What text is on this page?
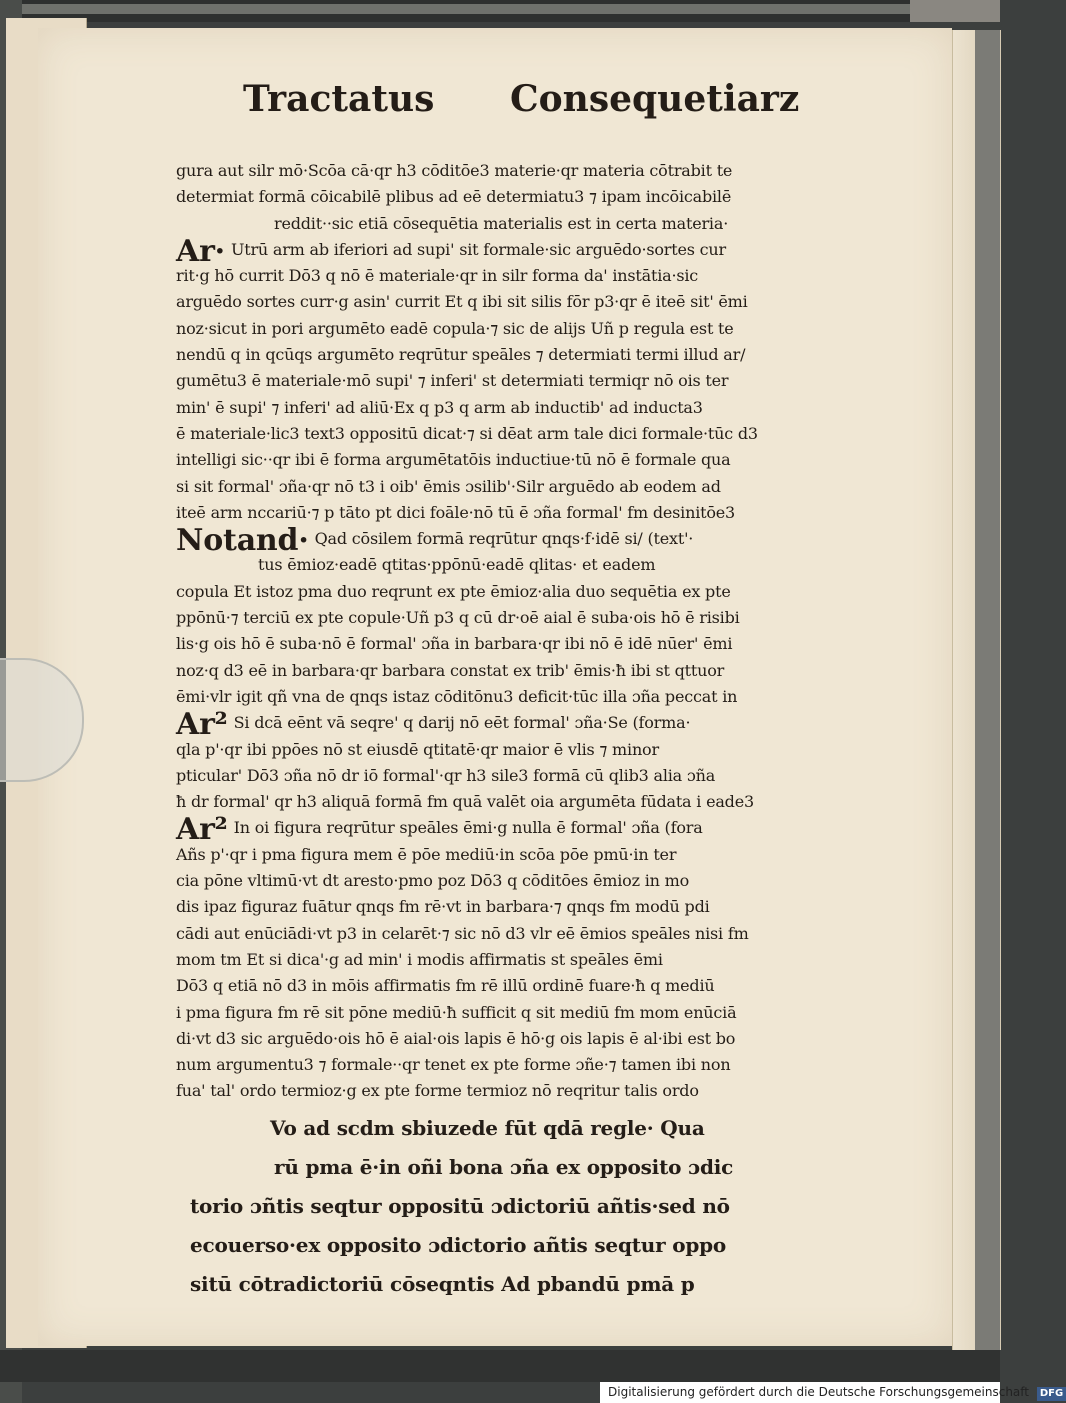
Tractatus Consequetiarz
gura aut silr mō·Scōa cā·qr h3 cōditōe3 materie·qr materia cōtrabit te
determiat formā cōicabilē plibus ad eē determiatu3 ⁊ ipam incōicabilē
reddit··sic etiā cōsequētia materialis est in certa materia·
Ar· Utrū arm ab iferiori ad supi' sit formale·sic arguēdo·sortes cur
rit·g hō currit Dō3 q nō ē materiale·qr in silr forma da' instātia·sic
arguēdo sortes curr·g asin' currit Et q ibi sit silis fōr p3·qr ē iteē sit' ēmi
noz·sicut in pori argumēto eadē copula·⁊ sic de alijs Uñ p regula est te
nendū q in qcūqs argumēto reqrūtur speāles ⁊ determiati termi illud ar/
gumētu3 ē materiale·mō supi' ⁊ inferi' st determiati termiqr nō ois ter
min' ē supi' ⁊ inferi' ad aliū·Ex q p3 q arm ab inductib' ad inducta3
ē materiale·lic3 text3 oppositū dicat·⁊ si dēat arm tale dici formale·tūc d3
intelligi sic··qr ibi ē forma argumētatōis inductiue·tū nō ē formale qua
si sit formal' ɔña·qr nō t3 i oib' ēmis ɔsilib'·Silr arguēdo ab eodem ad
iteē arm nccariū·⁊ p tāto pt dici foāle·nō tū ē ɔña formal' fm desinitōe3
Notand· Qad cōsilem formā reqrūtur qnqs·f·idē si/ (text'·
tus ēmioz·eadē qtitas·ppōnū·eadē qlitas· et eadem
copula Et istoz pma duo reqrunt ex pte ēmioz·alia duo sequētia ex pte
ppōnū·⁊ terciū ex pte copule·Uñ p3 q cū dr·oē aial ē suba·ois hō ē risibi
lis·g ois hō ē suba·nō ē formal' ɔña in barbara·qr ibi nō ē idē nūer' ēmi
noz·q d3 eē in barbara·qr barbara constat ex trib' ēmis·ħ ibi st qttuor
ēmi·vlr igit qñ vna de qnqs istaz cōditōnu3 deficit·tūc illa ɔña peccat in
Ar² Si dcā eēnt vā seqre' q darij nō eēt formal' ɔña·Se (forma·
qla p'·qr ibi ppōes nō st eiusdē qtitatē·qr maior ē vlis ⁊ minor
pticular' Dō3 ɔña nō dr iō formal'·qr h3 sile3 formā cū qlib3 alia ɔña
ħ dr formal' qr h3 aliquā formā fm quā valēt oia argumēta fūdata i eade3
Ar² In oi figura reqrūtur speāles ēmi·g nulla ē formal' ɔña (fora
Añs p'·qr i pma figura mem ē pōe mediū·in scōa pōe pmū·in ter
cia pōne vltimū·vt dt aresto·pmo poz Dō3 q cōditōes ēmioz in mo
dis ipaz figuraz fuātur qnqs fm rē·vt in barbara·⁊ qnqs fm modū pdi
cādi aut enūciādi·vt p3 in celarēt·⁊ sic nō d3 vlr eē ēmios speāles nisi fm
mom tm Et si dica'·g ad min' i modis affirmatis st speāles ēmi
Dō3 q etiā nō d3 in mōis affirmatis fm rē illū ordinē fuare·ħ q mediū
i pma figura fm rē sit pōne mediū·ħ sufficit q sit mediū fm mom enūciā
di·vt d3 sic arguēdo·ois hō ē aial·ois lapis ē hō·g ois lapis ē al·ibi est bo
num argumentu3 ⁊ formale··qr tenet ex pte forme ɔñe·⁊ tamen ibi non
fua' tal' ordo termioz·g ex pte forme termioz nō reqritur talis ordo
Vo ad scdm sbiuzede fūt qdā regle· Qua
rū pma ē·in oñi bona ɔña ex opposito ɔdic
torio ɔñtis seqtur oppositū ɔdictoriū añtis·sed nō
ecouerso·ex opposito ɔdictorio añtis seqtur oppo
sitū cōtradictoriū cōseqntis Ad pbandū pmā p
Digitalisierung gefördert durch die Deutsche Forschungsgemeinschaft DFG
